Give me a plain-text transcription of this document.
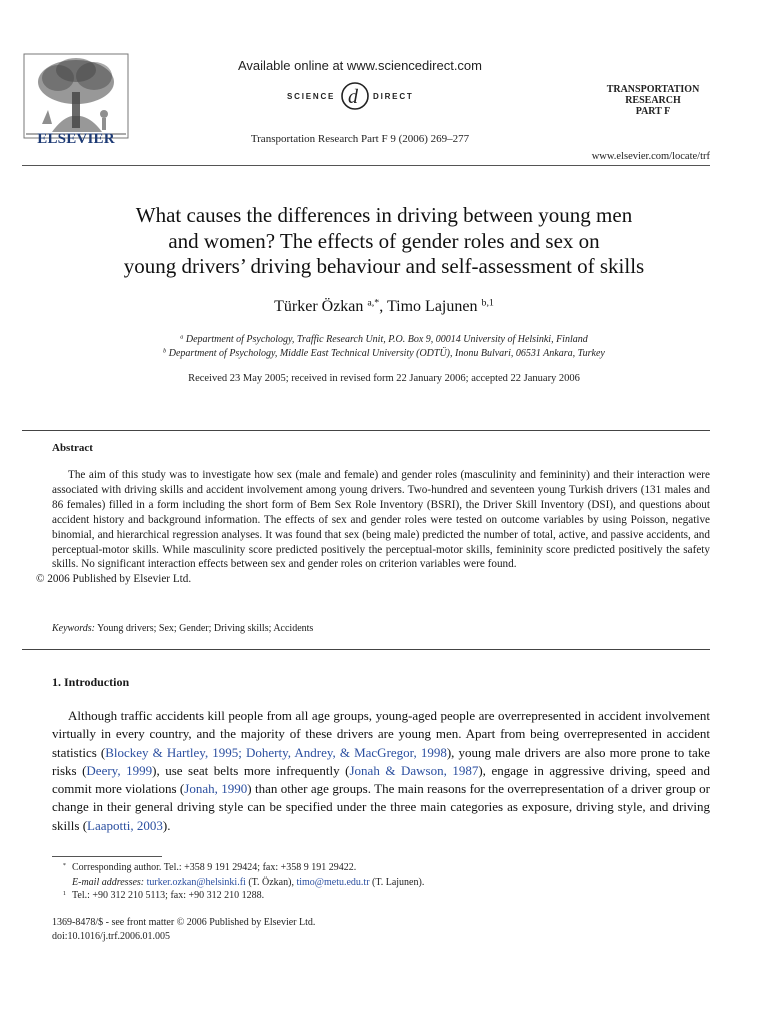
ELSEVIER
Available online at www.sciencedirect.com
d
SCIENCE	DIRECT
Transportation Research Part F 9 (2006) 269–277
TRANSPORTATION
RESEARCH
PART F
www.elsevier.com/locate/trf
What causes the differences in driving between young men
and women? The effects of gender roles and sex on
young drivers’ driving behaviour and self-assessment of skills
Türker Özkan $^{a,*}$, Timo Lajunen $^{b,1}$
$^a$ Department of Psychology, Traffic Research Unit, P.O. Box 9, 00014 University of Helsinki, Finland
$^b$ Department of Psychology, Middle East Technical University (ODTÜ), Inonu Bulvari, 06531 Ankara, Turkey
Received 23 May 2005; received in revised form 22 January 2006; accepted 22 January 2006
Abstract
The aim of this study was to investigate how sex (male and female) and gender roles (masculinity and femininity) and their interaction were associated with driving skills and accident involvement among young drivers. Two-hundred and seventeen young Turkish drivers (131 males and 86 females) filled in a form including the short form of Bem Sex Role Inventory (BSRI), the Driver Skill Inventory (DSI), and questions about accident history and background information. The effects of sex and gender roles were tested on outcome variables by using Poisson, negative binomial, and hierarchical regression analyses. It was found that sex (being male) predicted the number of total, active, and passive accidents, and perceptual-motor skills. While masculinity score predicted positively the perceptual-motor skills, femininity score predicted positively the safety skills. No significant interaction effects between sex and gender roles on criterion variables were found.
© 2006 Published by Elsevier Ltd.
Keywords: Young drivers; Sex; Gender; Driving skills; Accidents
1. Introduction
Although traffic accidents kill people from all age groups, young-aged people are overrepresented in accident involvement virtually in every country, and the majority of these drivers are young men. Apart from being overrepresented in accident statistics (Blockey & Hartley, 1995; Doherty, Andrey, & MacGregor, 1998), young male drivers are also more prone to take risks (Deery, 1999), use seat belts more infrequently (Jonah & Dawson, 1987), engage in aggressive driving, speed and commit more violations (Jonah, 1990) than other age groups. The main reasons for the overrepresentation of a driver group or change in their general driving style can be specified under the three main categories as exposure, driving style, and driving skills (Laapotti, 2003).
* Corresponding author. Tel.: +358 9 191 29424; fax: +358 9 191 29422.
E-mail addresses: turker.ozkan@helsinki.fi (T. Özkan), timo@metu.edu.tr (T. Lajunen).
$^1$ Tel.: +90 312 210 5113; fax: +90 312 210 1288.
1369-8478/$ - see front matter © 2006 Published by Elsevier Ltd.
doi:10.1016/j.trf.2006.01.005
